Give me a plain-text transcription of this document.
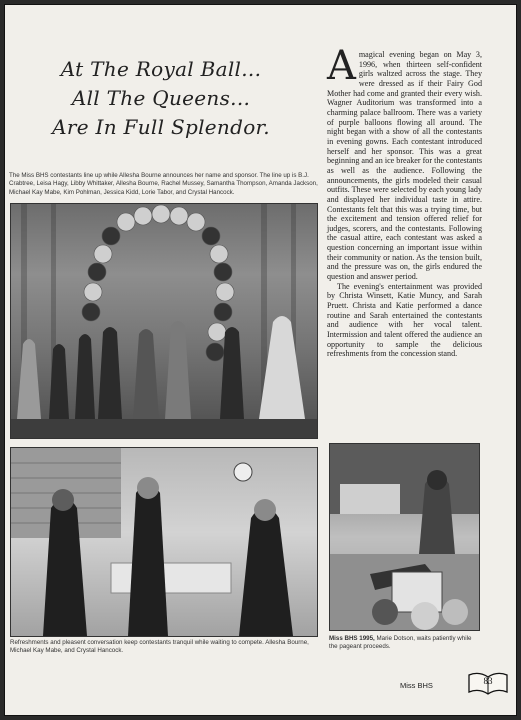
At The Royal Ball...
All The Queens...
Are In Full Splendor.
The Miss BHS contestants line up while Allesha Bourne announces her name and sponsor. The line up is B.J. Crabtree, Leisa Hagy, Libby Whittaker, Allesha Bourne, Rachel Mussey, Samantha Thompson, Amanda Jackson, Michael Kay Mabe, Kim Pohlman, Jessica Kidd, Lorie Tabor, and Crystal Hancock.

Amagical evening began on May 3, 1996, when thirteen self-confident girls waltzed across the stage. They were dressed as if their Fairy God Mother had come and granted their every wish. Wagner Auditorium was transformed into a charming palace ballroom. There was a variety of purple balloons flowing all around. The night began with a show of all the contestants in evening gowns. Each contestant introduced herself and her sponsor. This was a great beginning and an ice breaker for the contestants as well as the audience. Following the announcements, the girls modeled their casual outfits. These were selected by each young lady and displayed her individual taste in attire. Contestants felt that this was a trying time, but the excitement and tension offered relief for judges, scorers, and the contestants. Following the casual attire, each contestant was asked a question concerning an important issue within their community or nation. As the tension built, and the pressure was on, the girls endured the question and answer period.

The evening's entertainment was provided by Christa Winsett, Katie Muncy, and Sarah Pruett. Christa and Katie performed a dance routine and Sarah entertained the contestants and audience with her vocal talent. Intermission and talent offered the audience an opportunity to sample the delicious refreshments from the concession stand.

Refreshments and pleasent conversation keep contestants tranquil while waiting to compete. Allesha Bourne, Michael Kay Mabe, and Crystal Hancock.
Miss BHS 1995, Marie Dotson, waits patiently while the pageant proceeds.
Miss BHS	83
